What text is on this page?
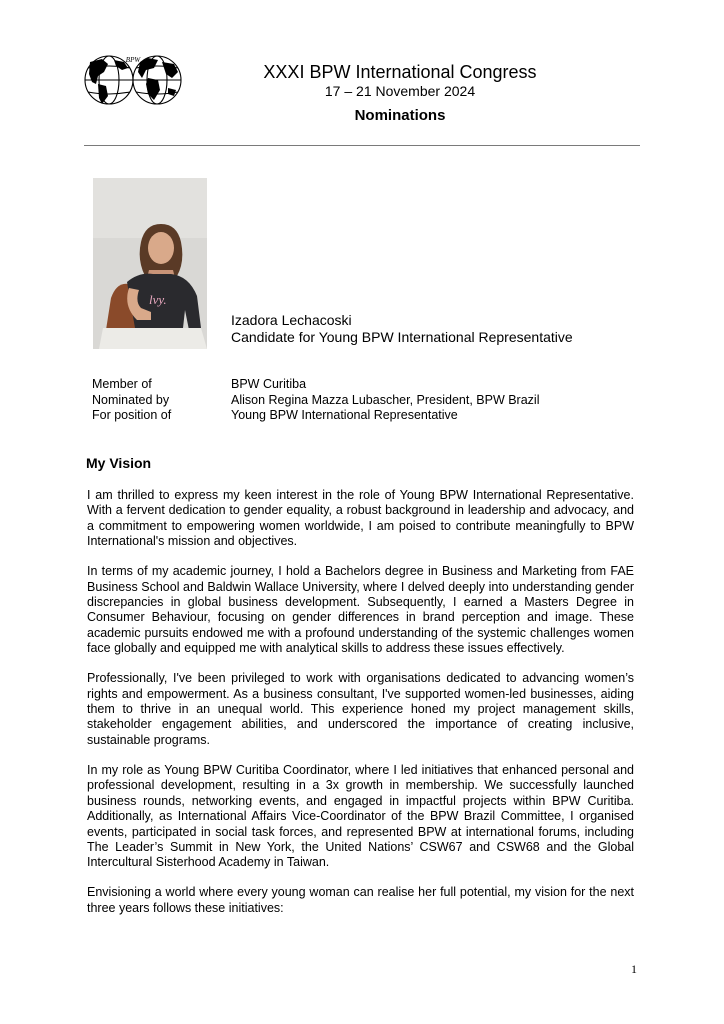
BPW
XXXI BPW International Congress
17 – 21 November 2024
Nominations
lvy.
Izadora Lechacoski
Candidate for Young BPW International Representative
Member of	BPW Curitiba
Nominated by	Alison Regina Mazza Lubascher, President, BPW Brazil
For position of	Young BPW International Representative
My Vision

I am thrilled to express my keen interest in the role of Young BPW International Representative. With a fervent dedication to gender equality, a robust background in leadership and advocacy, and a commitment to empowering women worldwide, I am poised to contribute meaningfully to BPW International's mission and objectives.

In terms of my academic journey, I hold a Bachelors degree in Business and Marketing from FAE Business School and Baldwin Wallace University, where I delved deeply into understanding gender discrepancies in global business development. Subsequently, I earned a Masters Degree in Consumer Behaviour, focusing on gender differences in brand perception and image. These academic pursuits endowed me with a profound understanding of the systemic challenges women face globally and equipped me with analytical skills to address these issues effectively.

Professionally, I've been privileged to work with organisations dedicated to advancing women’s rights and empowerment. As a business consultant, I've supported women-led businesses, aiding them to thrive in an unequal world. This experience honed my project management skills, stakeholder engagement abilities, and underscored the importance of creating inclusive, sustainable programs.

In my role as Young BPW Curitiba Coordinator, where I led initiatives that enhanced personal and professional development, resulting in a 3x growth in membership. We successfully launched business rounds, networking events, and engaged in impactful projects within BPW Curitiba. Additionally, as International Affairs Vice-Coordinator of the BPW Brazil Committee, I organised events, participated in social task forces, and represented BPW at international forums, including The Leader’s Summit in New York, the United Nations’ CSW67 and CSW68 and the Global Intercultural Sisterhood Academy in Taiwan.

Envisioning a world where every young woman can realise her full potential, my vision for the next three years follows these initiatives:

1
